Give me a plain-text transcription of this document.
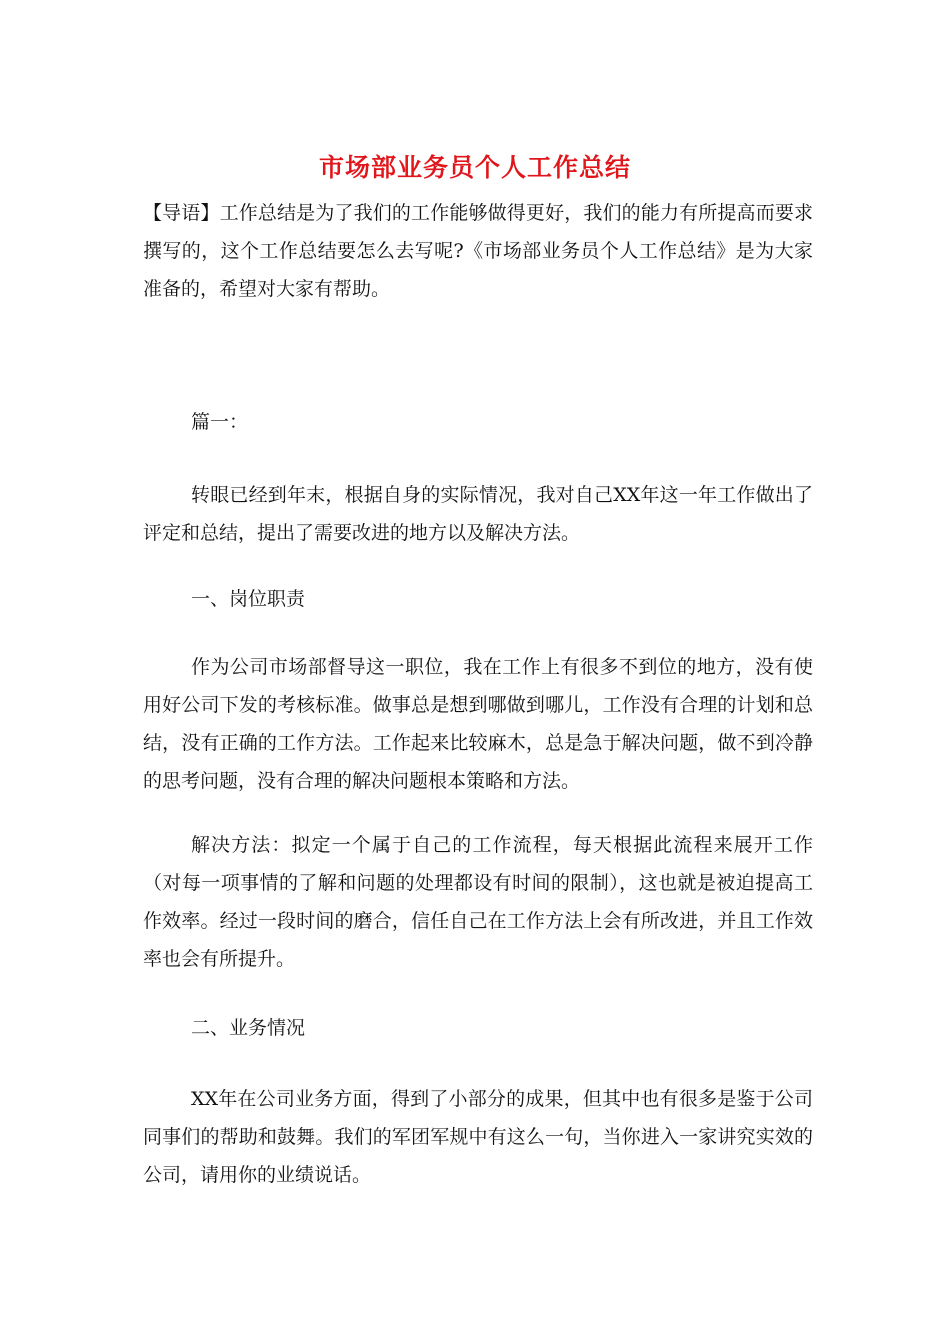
市场部业务员个人工作总结
【导语】工作总结是为了我们的工作能够做得更好，我们的能力有所提高而要求撰写的，这个工作总结要怎么去写呢?《市场部业务员个人工作总结》是为大家准备的，希望对大家有帮助。
篇一：
转眼已经到年末，根据自身的实际情况，我对自己XX年这一年工作做出了评定和总结，提出了需要改进的地方以及解决方法。
一、岗位职责
作为公司市场部督导这一职位，我在工作上有很多不到位的地方，没有使用好公司下发的考核标准。做事总是想到哪做到哪儿，工作没有合理的计划和总结，没有正确的工作方法。工作起来比较麻木，总是急于解决问题，做不到冷静的思考问题，没有合理的解决问题根本策略和方法。
解决方法：拟定一个属于自己的工作流程，每天根据此流程来展开工作（对每一项事情的了解和问题的处理都设有时间的限制），这也就是被迫提高工作效率。经过一段时间的磨合，信任自己在工作方法上会有所改进，并且工作效率也会有所提升。
二、业务情况
XX年在公司业务方面，得到了小部分的成果，但其中也有很多是鉴于公司同事们的帮助和鼓舞。我们的军团军规中有这么一句，当你进入一家讲究实效的公司，请用你的业绩说话。
